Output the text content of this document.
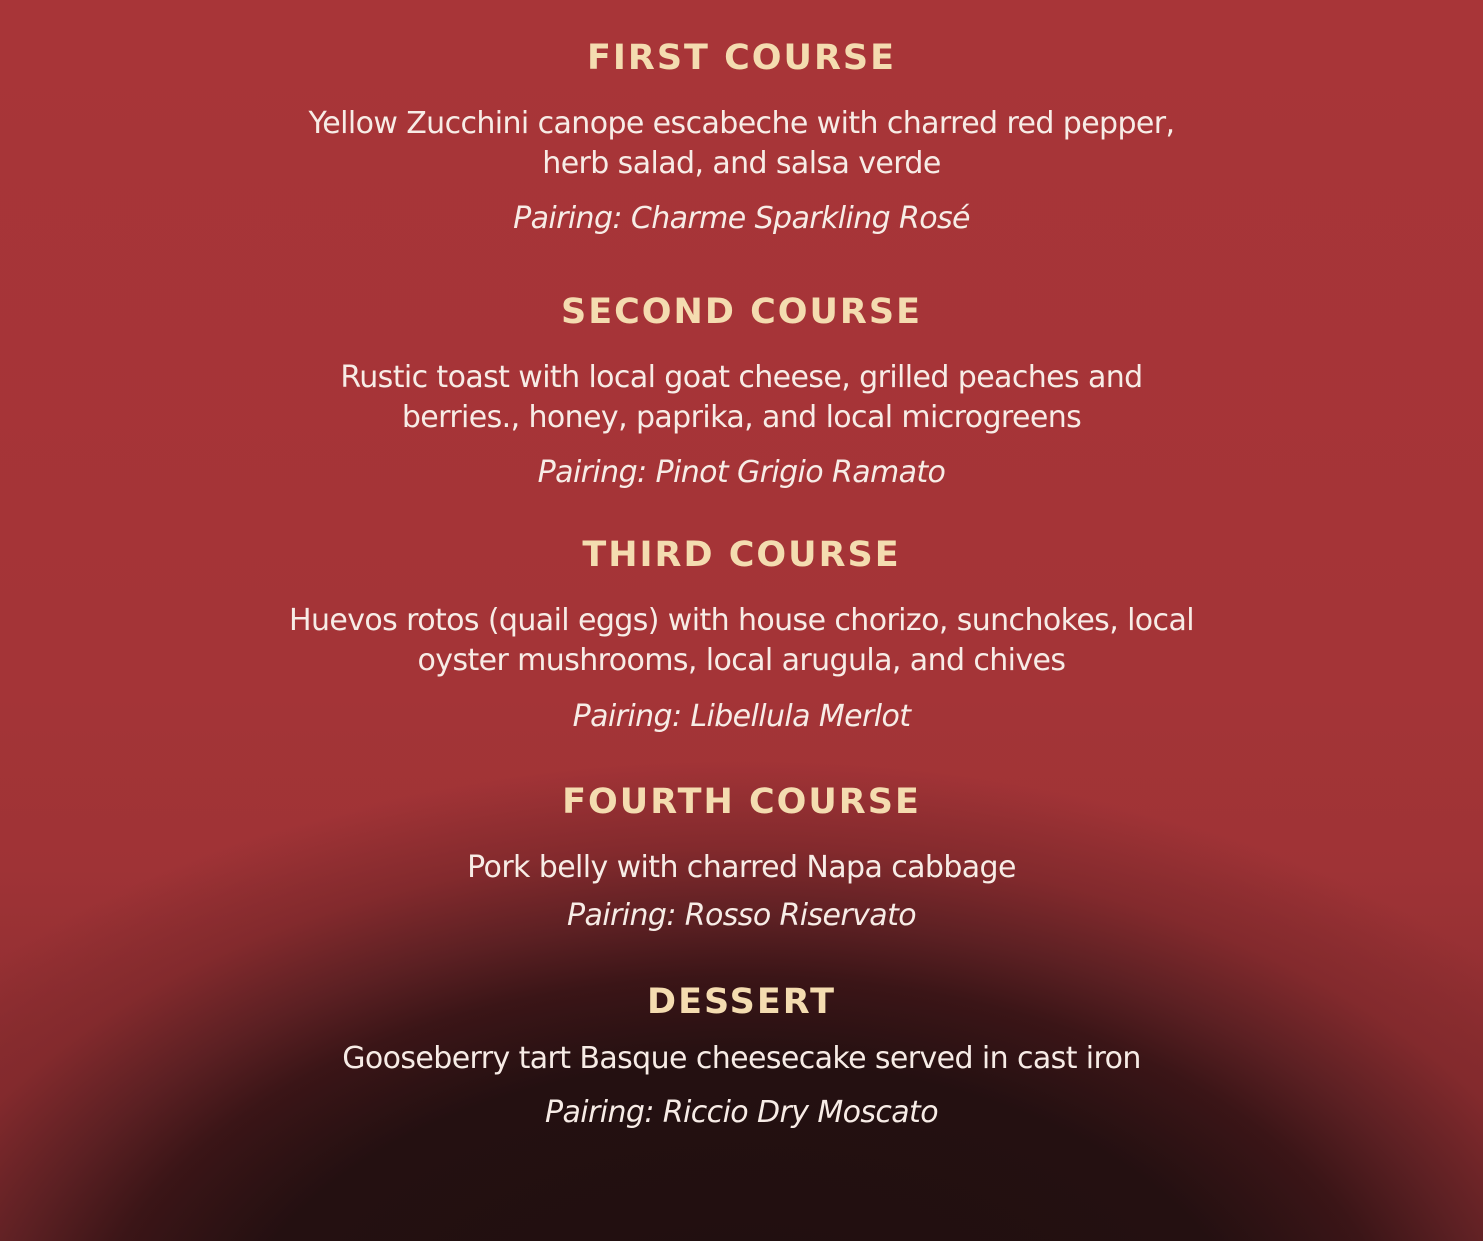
FIRST COURSE
Yellow Zucchini canope escabeche with charred red pepper,
herb salad, and salsa verde
Pairing: Charme Sparkling Rosé
SECOND COURSE
Rustic toast with local goat cheese, grilled peaches and
berries., honey, paprika, and local microgreens
Pairing: Pinot Grigio Ramato
THIRD COURSE
Huevos rotos (quail eggs) with house chorizo, sunchokes, local
oyster mushrooms, local arugula, and chives
Pairing: Libellula Merlot
FOURTH COURSE
Pork belly with charred Napa cabbage
Pairing: Rosso Riservato
DESSERT
Gooseberry tart Basque cheesecake served in cast iron
Pairing: Riccio Dry Moscato
